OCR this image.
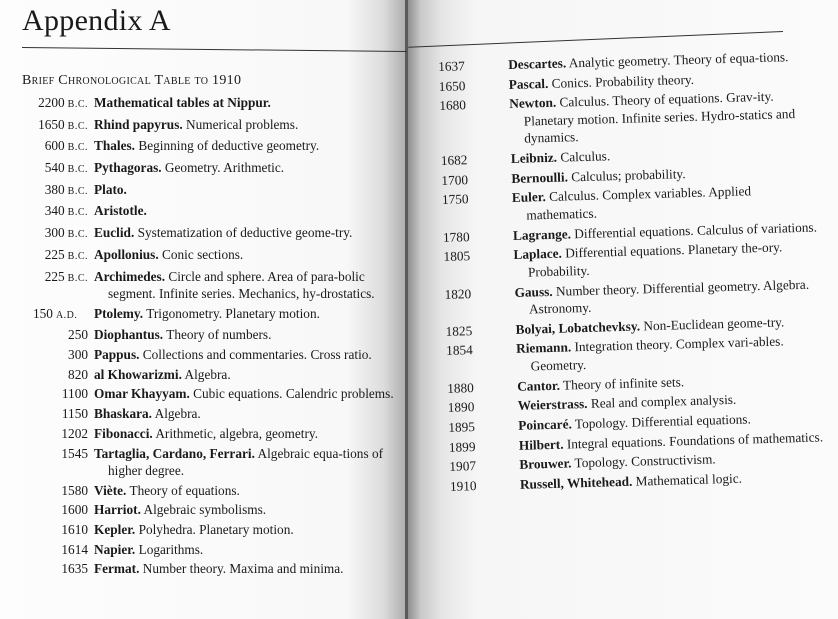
Appendix A
Brief Chronological Table to 1910
2200 B.C. Mathematical tables at Nippur.
1650 B.C. Rhind papyrus. Numerical problems.
600 B.C. Thales. Beginning of deductive geometry.
540 B.C. Pythagoras. Geometry. Arithmetic.
380 B.C. Plato.
340 B.C. Aristotle.
300 B.C. Euclid. Systematization of deductive geome-try.
225 B.C. Apollonius. Conic sections.
225 B.C. Archimedes. Circle and sphere. Area of para-bolic segment. Infinite series. Mechanics, hy-drostatics.
150 A.D.	Ptolemy. Trigonometry. Planetary motion.
250 Diophantus. Theory of numbers.
300 Pappus. Collections and commentaries. Cross ratio.
820 al Khowarizmi. Algebra.
1100 Omar Khayyam. Cubic equations. Calendric problems.
1150 Bhaskara. Algebra.
1202 Fibonacci. Arithmetic, algebra, geometry.
1545 Tartaglia, Cardano, Ferrari. Algebraic equa-tions of higher degree.
1580 Viète. Theory of equations.
1600 Harriot. Algebraic symbolisms.
1610 Kepler. Polyhedra. Planetary motion.
1614 Napier. Logarithms.
1635 Fermat. Number theory. Maxima and minima.
1637	Descartes. Analytic geometry. Theory of equa-tions.
1650	Pascal. Conics. Probability theory.
1680	Newton. Calculus. Theory of equations. Grav-ity. Planetary motion. Infinite series. Hydro-statics and dynamics.
1682	Leibniz. Calculus.
1700	Bernoulli. Calculus; probability.
1750	Euler. Calculus. Complex variables. Applied mathematics.
1780	Lagrange. Differential equations. Calculus of variations.
1805	Laplace. Differential equations. Planetary the-ory. Probability.
1820	Gauss. Number theory. Differential geometry. Algebra. Astronomy.
1825	Bolyai, Lobatchevksy. Non-Euclidean geome-try.
1854	Riemann. Integration theory. Complex vari-ables. Geometry.
1880	Cantor. Theory of infinite sets.
1890	Weierstrass. Real and complex analysis.
1895	Poincaré. Topology. Differential equations.
1899	Hilbert. Integral equations. Foundations of mathematics.
1907	Brouwer. Topology. Constructivism.
1910	Russell, Whitehead. Mathematical logic.
